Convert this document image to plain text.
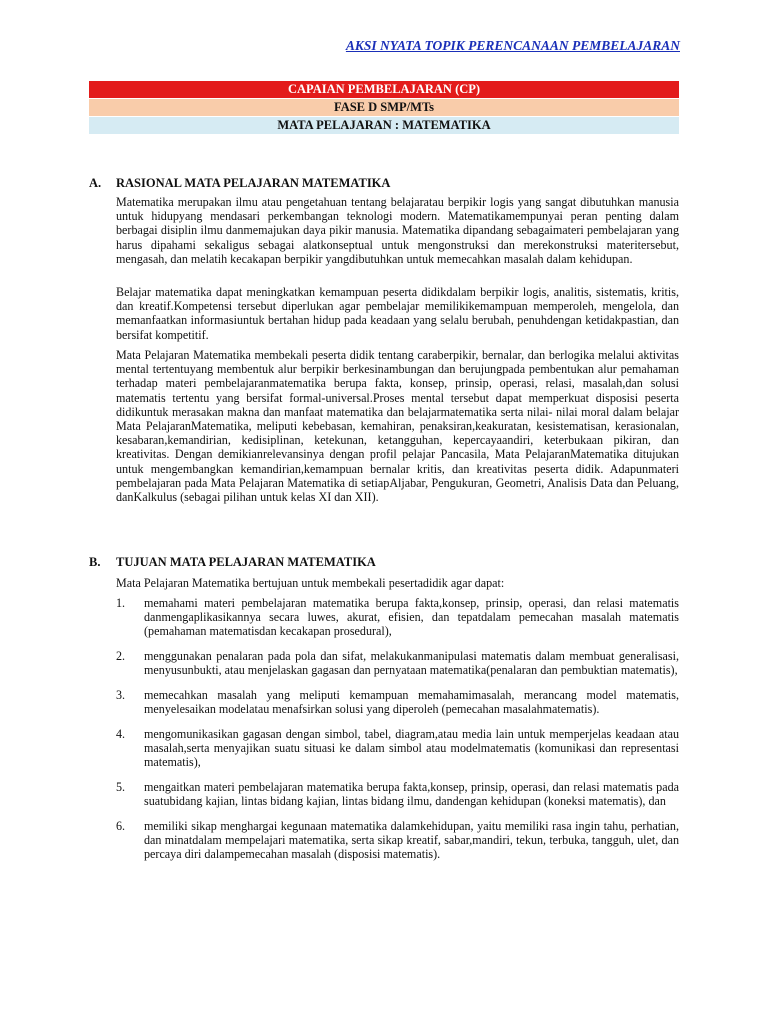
AKSI NYATA TOPIK PERENCANAAN PEMBELAJARAN
CAPAIAN PEMBELAJARAN (CP)
FASE D SMP/MTs
MATA PELAJARAN : MATEMATIKA
A. RASIONAL MATA PELAJARAN MATEMATIKA

Matematika merupakan ilmu atau pengetahuan tentang belajaratau berpikir logis yang sangat dibutuhkan manusia untuk hidupyang mendasari perkembangan teknologi modern. Matematikamempunyai peran penting dalam berbagai disiplin ilmu danmemajukan daya pikir manusia. Matematika dipandang sebagaimateri pembelajaran yang harus dipahami sekaligus sebagai alatkonseptual untuk mengonstruksi dan merekonstruksi materitersebut, mengasah, dan melatih kecakapan berpikir yangdibutuhkan untuk memecahkan masalah dalam kehidupan.

Belajar matematika dapat meningkatkan kemampuan peserta didikdalam berpikir logis, analitis, sistematis, kritis, dan kreatif.Kompetensi tersebut diperlukan agar pembelajar memilikikemampuan memperoleh, mengelola, dan memanfaatkan informasiuntuk bertahan hidup pada keadaan yang selalu berubah, penuhdengan ketidakpastian, dan bersifat kompetitif.

Mata Pelajaran Matematika membekali peserta didik tentang caraberpikir, bernalar, dan berlogika melalui aktivitas mental tertentuyang membentuk alur berpikir berkesinambungan dan berujungpada pembentukan alur pemahaman terhadap materi pembelajaranmatematika berupa fakta, konsep, prinsip, operasi, relasi, masalah,dan solusi matematis tertentu yang bersifat formal-universal.Proses mental tersebut dapat memperkuat disposisi peserta didikuntuk merasakan makna dan manfaat matematika dan belajarmatematika serta nilai- nilai moral dalam belajar Mata PelajaranMatematika, meliputi kebebasan, kemahiran, penaksiran,keakuratan, kesistematisan, kerasionalan, kesabaran,kemandirian, kedisiplinan, ketekunan, ketangguhan, kepercayaandiri, keterbukaan pikiran, dan kreativitas. Dengan demikianrelevansinya dengan profil pelajar Pancasila, Mata PelajaranMatematika ditujukan untuk mengembangkan kemandirian,kemampuan bernalar kritis, dan kreativitas peserta didik. Adapunmateri pembelajaran pada Mata Pelajaran Matematika di setiapAljabar, Pengukuran, Geometri, Analisis Data dan Peluang, danKalkulus (sebagai pilihan untuk kelas XI dan XII).

B. TUJUAN MATA PELAJARAN MATEMATIKA

Mata Pelajaran Matematika bertujuan untuk membekali pesertadidik agar dapat:

1. memahami materi pembelajaran matematika berupa fakta,konsep, prinsip, operasi, dan relasi matematis danmengaplikasikannya secara luwes, akurat, efisien, dan tepatdalam pemecahan masalah matematis (pemahaman matematisdan kecakapan prosedural),
2. menggunakan penalaran pada pola dan sifat, melakukanmanipulasi matematis dalam membuat generalisasi, menyusunbukti, atau menjelaskan gagasan dan pernyataan matematika(penalaran dan pembuktian matematis),
3. memecahkan masalah yang meliputi kemampuan memahamimasalah, merancang model matematis, menyelesaikan modelatau menafsirkan solusi yang diperoleh (pemecahan masalahmatematis).
4. mengomunikasikan gagasan dengan simbol, tabel, diagram,atau media lain untuk memperjelas keadaan atau masalah,serta menyajikan suatu situasi ke dalam simbol atau modelmatematis (komunikasi dan representasi matematis),
5. mengaitkan materi pembelajaran matematika berupa fakta,konsep, prinsip, operasi, dan relasi matematis pada suatubidang kajian, lintas bidang kajian, lintas bidang ilmu, dandengan kehidupan (koneksi matematis), dan
6. memiliki sikap menghargai kegunaan matematika dalamkehidupan, yaitu memiliki rasa ingin tahu, perhatian, dan minatdalam mempelajari matematika, serta sikap kreatif, sabar,mandiri, tekun, terbuka, tangguh, ulet, dan percaya diri dalampemecahan masalah (disposisi matematis).
